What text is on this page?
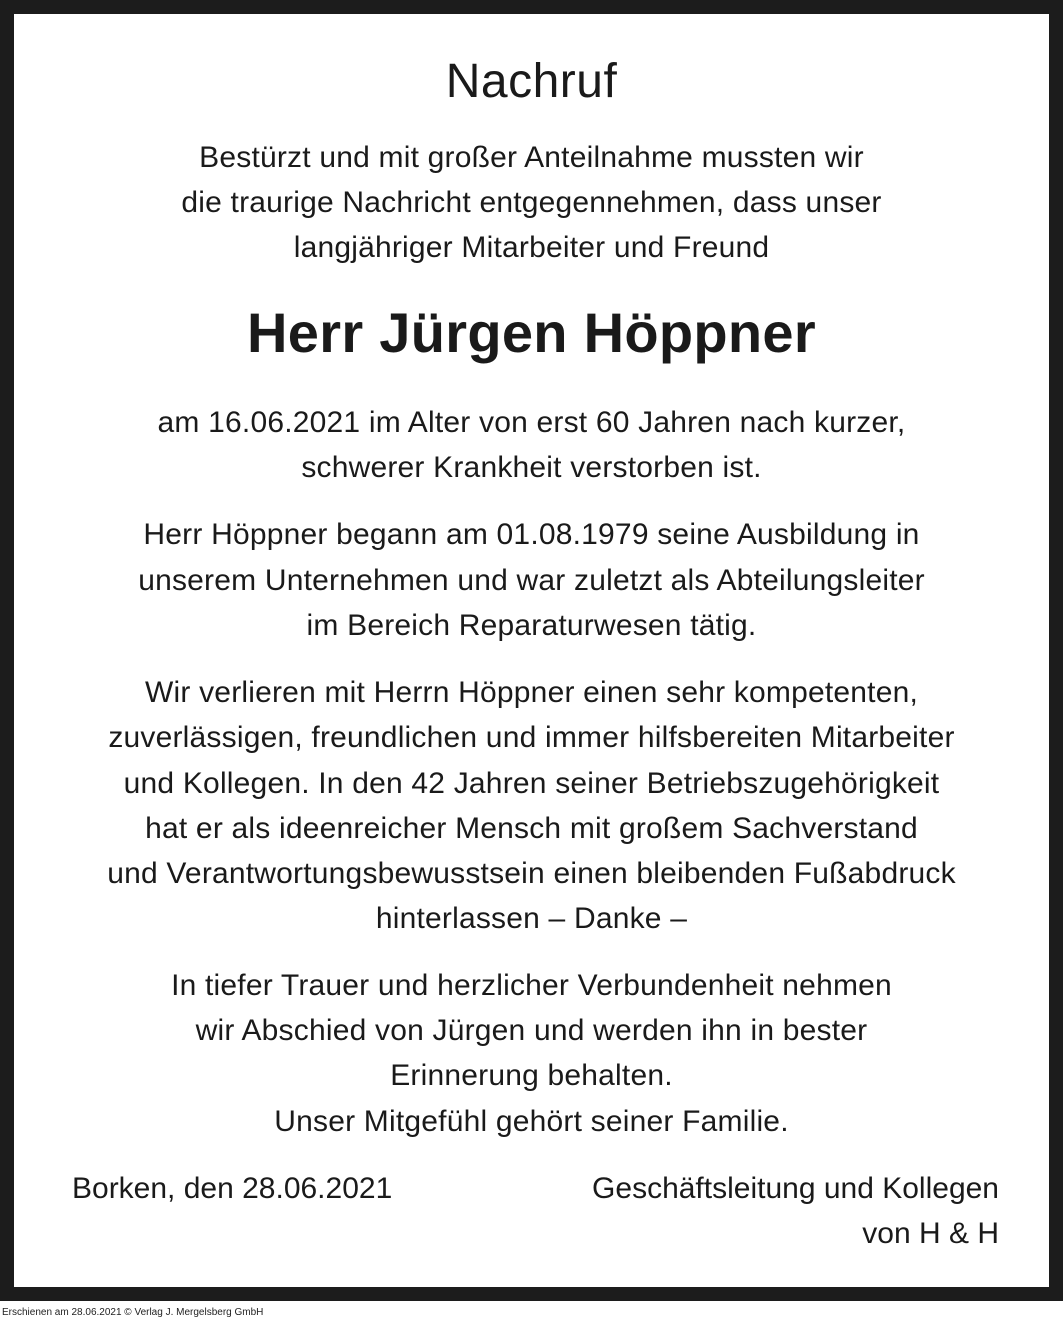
Nachruf
Bestürzt und mit großer Anteilnahme mussten wir
die traurige Nachricht entgegennehmen, dass unser
langjähriger Mitarbeiter und Freund
Herr Jürgen Höppner
am 16.06.2021 im Alter von erst 60 Jahren nach kurzer,
schwerer Krankheit verstorben ist.
Herr Höppner begann am 01.08.1979 seine Ausbildung in
unserem Unternehmen und war zuletzt als Abteilungsleiter
im Bereich Reparaturwesen tätig.
Wir verlieren mit Herrn Höppner einen sehr kompetenten,
zuverlässigen, freundlichen und immer hilfsbereiten Mitarbeiter
und Kollegen. In den 42 Jahren seiner Betriebszugehörigkeit
hat er als ideenreicher Mensch mit großem Sachverstand
und Verantwortungsbewusstsein einen bleibenden Fußabdruck
hinterlassen – Danke –
In tiefer Trauer und herzlicher Verbundenheit nehmen
wir Abschied von Jürgen und werden ihn in bester
Erinnerung behalten.
Unser Mitgefühl gehört seiner Familie.
Borken, den 28.06.2021	Geschäftsleitung und Kollegen
von H & H
Erschienen am 28.06.2021 © Verlag J. Mergelsberg GmbH
